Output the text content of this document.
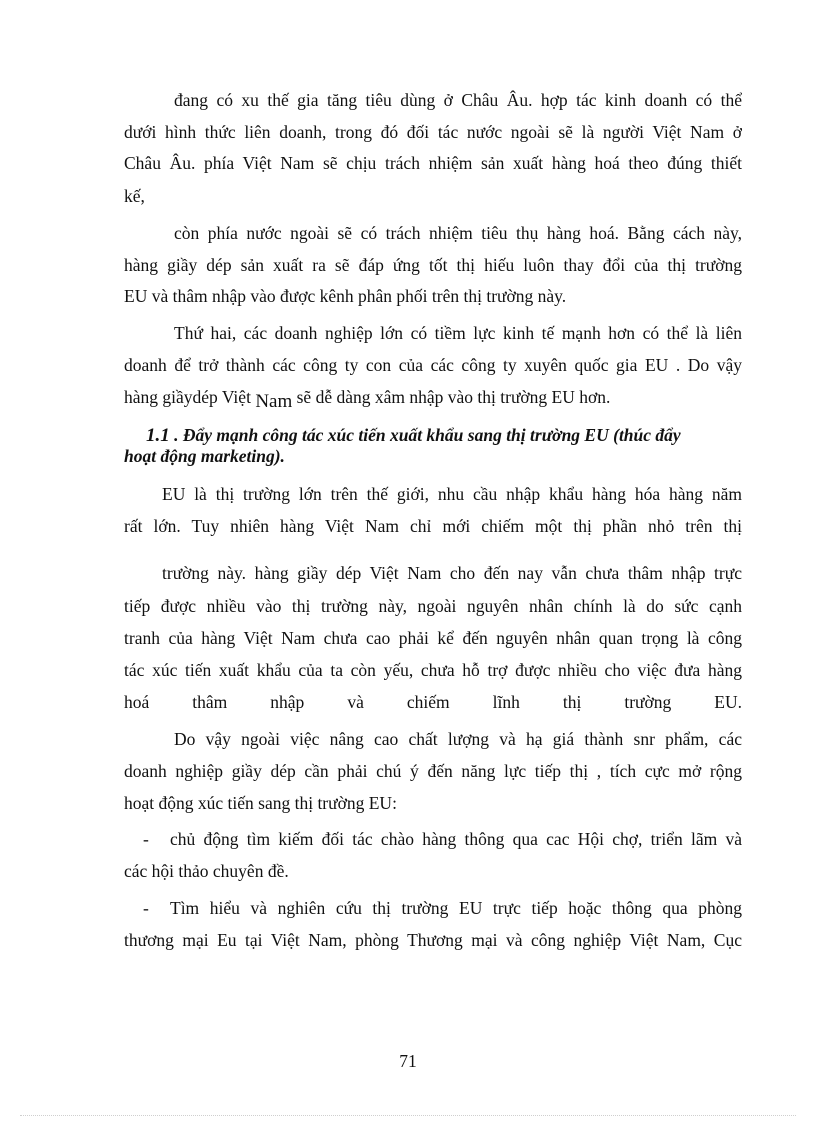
đang có xu thế gia tăng tiêu dùng ở Châu Âu. hợp tác kinh doanh có thể
dưới hình thức liên doanh, trong đó đối tác nước ngoài sẽ là người Việt Nam ở
Châu Âu. phía Việt Nam sẽ chịu trách nhiệm sản xuất hàng hoá theo đúng thiết
kế,
còn phía nước ngoài sẽ có trách nhiệm tiêu thụ hàng hoá. Bằng cách này,
hàng giầy dép sản xuất ra sẽ đáp ứng tốt thị hiếu luôn thay đổi của thị trường
EU và thâm nhập vào được kênh phân phối trên thị trường này.
Thứ hai, các doanh nghiệp lớn có tiềm lực kinh tế mạnh hơn có thể là liên
doanh để trở thành các công ty con của các công ty xuyên quốc gia EU . Do vậy
hàng giầydép Việt Nam sẽ dễ dàng xâm nhập vào thị trường EU hơn.
1.1 . Đẩy mạnh công tác xúc tiến xuất khẩu sang thị trường EU (thúc đẩy
hoạt động marketing).
EU là thị trường lớn trên thế giới, nhu cầu nhập khẩu hàng hóa hàng năm
rất lớn. Tuy nhiên hàng Việt Nam chỉ mới chiếm một thị phần nhỏ trên thị
trường này. hàng giầy dép Việt Nam cho đến nay vẫn chưa thâm nhập trực
tiếp được nhiều vào thị trường này, ngoài nguyên nhân chính là do sức cạnh
tranh của hàng Việt Nam chưa cao phải kể đến nguyên nhân quan trọng là công
tác xúc tiến xuất khẩu của ta còn yếu, chưa hỗ trợ được nhiều cho việc đưa hàng
hoá thâm nhập và chiếm lĩnh thị trường EU.
Do vậy ngoài việc nâng cao chất lượng và hạ giá thành snr phẩm, các
doanh nghiệp giầy dép cần phải chú ý đến năng lực tiếp thị , tích cực mở rộng
hoạt động xúc tiến sang thị trường EU:
- chủ động tìm kiếm đối tác chào hàng thông qua cac Hội chợ, triển lãm và
các hội thảo chuyên đề.
- Tìm hiểu và nghiên cứu thị trường EU trực tiếp hoặc thông qua phòng
thương mại Eu tại Việt Nam, phòng Thương mại và công nghiệp Việt Nam, Cục
71
